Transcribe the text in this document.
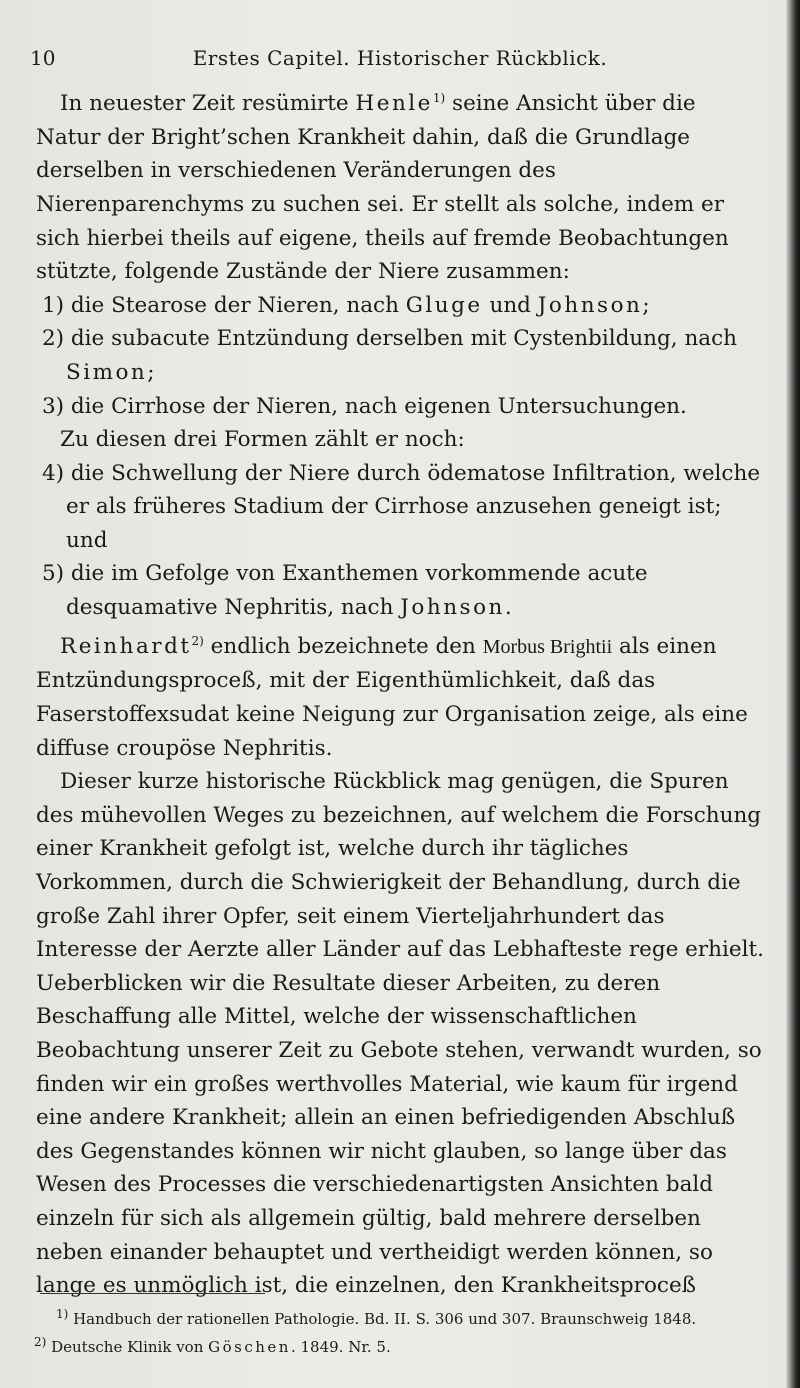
10	Erstes Capitel. Historischer Rückblick.

In neuester Zeit resümirte Henle$^{1)}$ seine Ansicht über die Natur der Bright’schen Krankheit dahin, daß die Grundlage derselben in verschiedenen Veränderungen des Nierenparenchyms zu suchen sei. Er stellt als solche, indem er sich hierbei theils auf eigene, theils auf fremde Beobachtungen stützte, folgende Zustände der Niere zusammen:

1) die Stearose der Nieren, nach Gluge und Johnson;

2) die subacute Entzündung derselben mit Cystenbildung, nach Simon;

3) die Cirrhose der Nieren, nach eigenen Untersuchungen.

Zu diesen drei Formen zählt er noch:

4) die Schwellung der Niere durch ödematose Infiltration, welche er als früheres Stadium der Cirrhose anzusehen geneigt ist; und

5) die im Gefolge von Exanthemen vorkommende acute desquamative Nephritis, nach Johnson.

Reinhardt$^{2)}$ endlich bezeichnete den Morbus Brightii als einen Entzündungsproceß, mit der Eigenthümlichkeit, daß das Faserstoffexsudat keine Neigung zur Organisation zeige, als eine diffuse croupöse Nephritis.

Dieser kurze historische Rückblick mag genügen, die Spuren des mühevollen Weges zu bezeichnen, auf welchem die Forschung einer Krankheit gefolgt ist, welche durch ihr tägliches Vorkommen, durch die Schwierigkeit der Behandlung, durch die große Zahl ihrer Opfer, seit einem Vierteljahrhundert das Interesse der Aerzte aller Länder auf das Lebhafteste rege erhielt. Ueberblicken wir die Resultate dieser Arbeiten, zu deren Beschaffung alle Mittel, welche der wissenschaftlichen Beobachtung unserer Zeit zu Gebote stehen, verwandt wurden, so finden wir ein großes werthvolles Material, wie kaum für irgend eine andere Krankheit; allein an einen befriedigenden Abschluß des Gegenstandes können wir nicht glauben, so lange über das Wesen des Processes die verschiedenartigsten Ansichten bald einzeln für sich als allgemein gültig, bald mehrere derselben neben einander behauptet und vertheidigt werden können, so lange es unmöglich ist, die einzelnen, den Krankheitsproceß

$^{1)}$ Handbuch der rationellen Pathologie. Bd. II. S. 306 und 307. Braunschweig 1848.

$^{2)}$ Deutsche Klinik von Göschen. 1849. Nr. 5.
